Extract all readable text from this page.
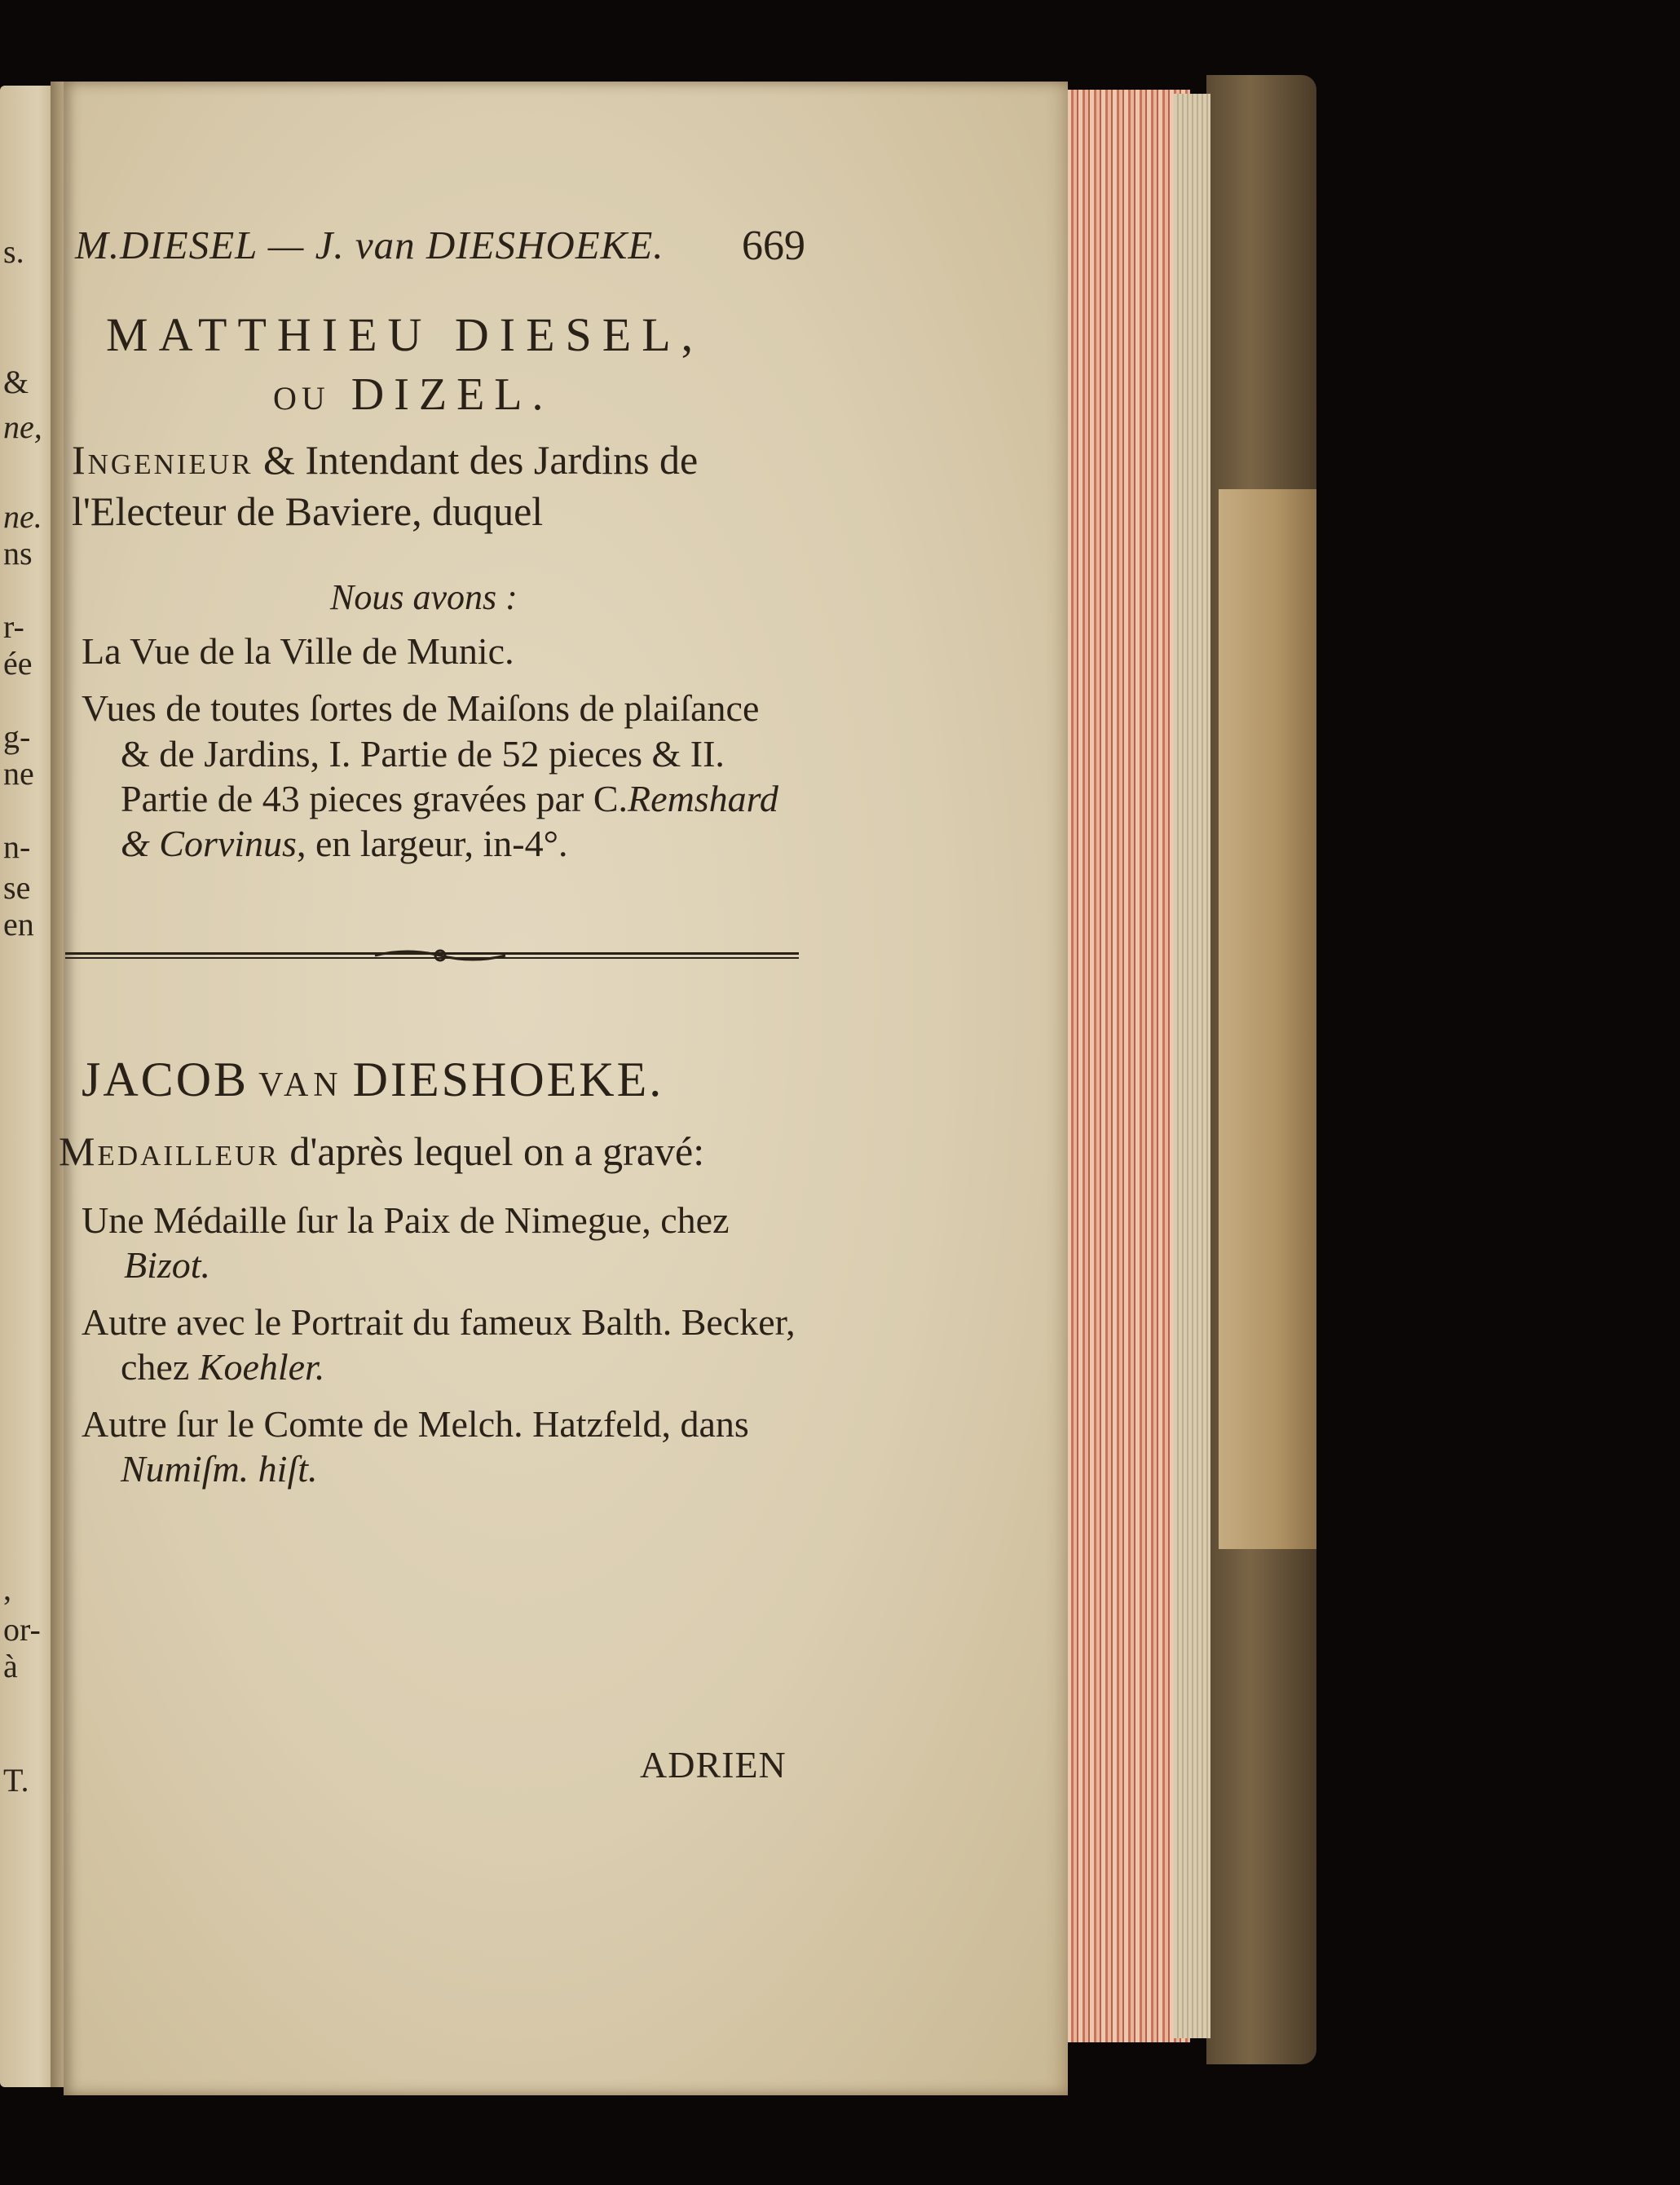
s.
&
ne,
ne.
ns
r-
ée
g-
ne
n-
se
en
,
or-
à
T.
M.DIESEL — J. van DIESHOEKE. 669
MATTHIEU DIESEL,
OU DIZEL.
Ingenieur & Intendant des Jardins de
l'Electeur de Baviere, duquel
Nous avons :
La Vue de la Ville de Munic.
Vues de toutes ſortes de Maiſons de plaiſance
& de Jardins, I. Partie de 52 pieces & II.
Partie de 43 pieces gravées par C.Remshard
& Corvinus, en largeur, in-4°.
JACOB VAN DIESHOEKE.
Medailleur d'après lequel on a gravé:
Une Médaille ſur la Paix de Nimegue, chez
Bizot.
Autre avec le Portrait du fameux Balth. Becker,
chez Koehler.
Autre ſur le Comte de Melch. Hatzfeld, dans
Numiſm. hiſt.
ADRIEN
